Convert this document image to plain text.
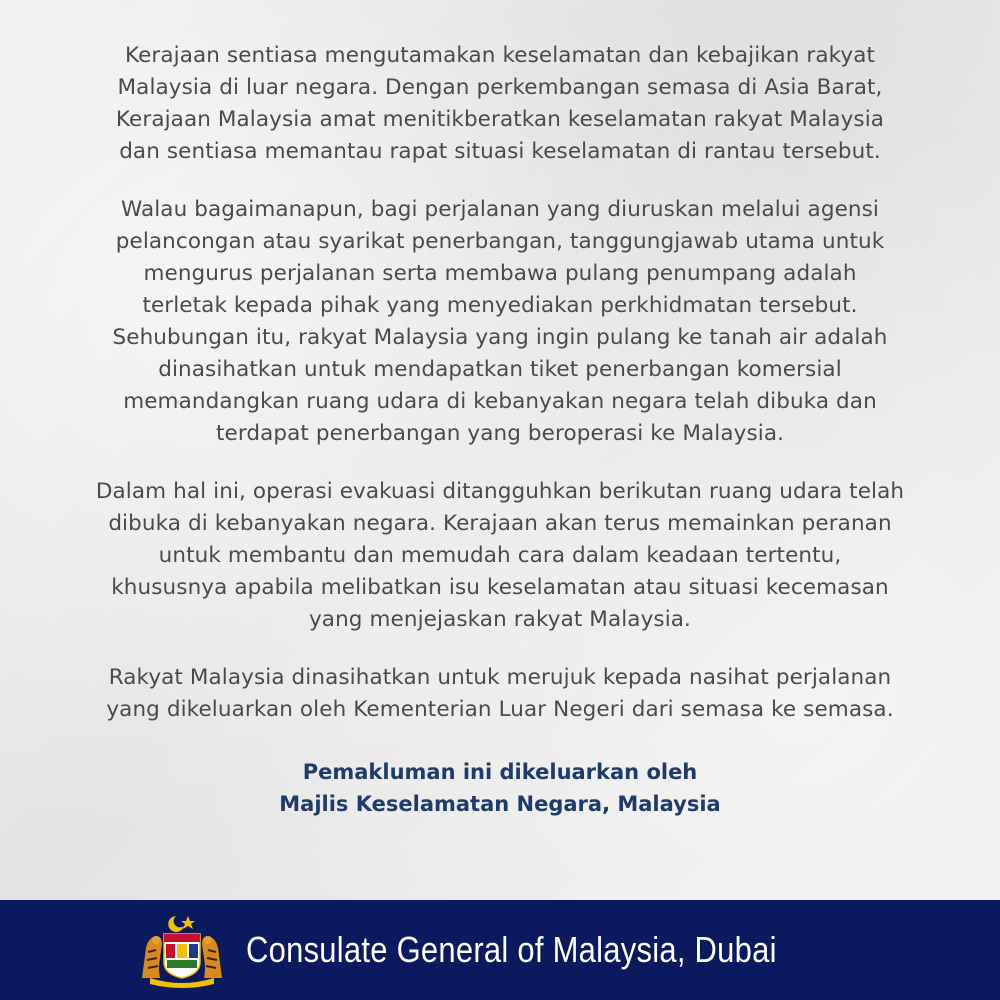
Kerajaan sentiasa mengutamakan keselamatan dan kebajikan rakyat
Malaysia di luar negara. Dengan perkembangan semasa di Asia Barat,
Kerajaan Malaysia amat menitikberatkan keselamatan rakyat Malaysia
dan sentiasa memantau rapat situasi keselamatan di rantau tersebut.

Walau bagaimanapun, bagi perjalanan yang diuruskan melalui agensi
pelancongan atau syarikat penerbangan, tanggungjawab utama untuk
mengurus perjalanan serta membawa pulang penumpang adalah
terletak kepada pihak yang menyediakan perkhidmatan tersebut.
Sehubungan itu, rakyat Malaysia yang ingin pulang ke tanah air adalah
dinasihatkan untuk mendapatkan tiket penerbangan komersial
memandangkan ruang udara di kebanyakan negara telah dibuka dan
terdapat penerbangan yang beroperasi ke Malaysia.

Dalam hal ini, operasi evakuasi ditangguhkan berikutan ruang udara telah
dibuka di kebanyakan negara. Kerajaan akan terus memainkan peranan
untuk membantu dan memudah cara dalam keadaan tertentu,
khususnya apabila melibatkan isu keselamatan atau situasi kecemasan
yang menjejaskan rakyat Malaysia.

Rakyat Malaysia dinasihatkan untuk merujuk kepada nasihat perjalanan
yang dikeluarkan oleh Kementerian Luar Negeri dari semasa ke semasa.

Pemakluman ini dikeluarkan oleh
Majlis Keselamatan Negara, Malaysia
Consulate General of Malaysia, Dubai
